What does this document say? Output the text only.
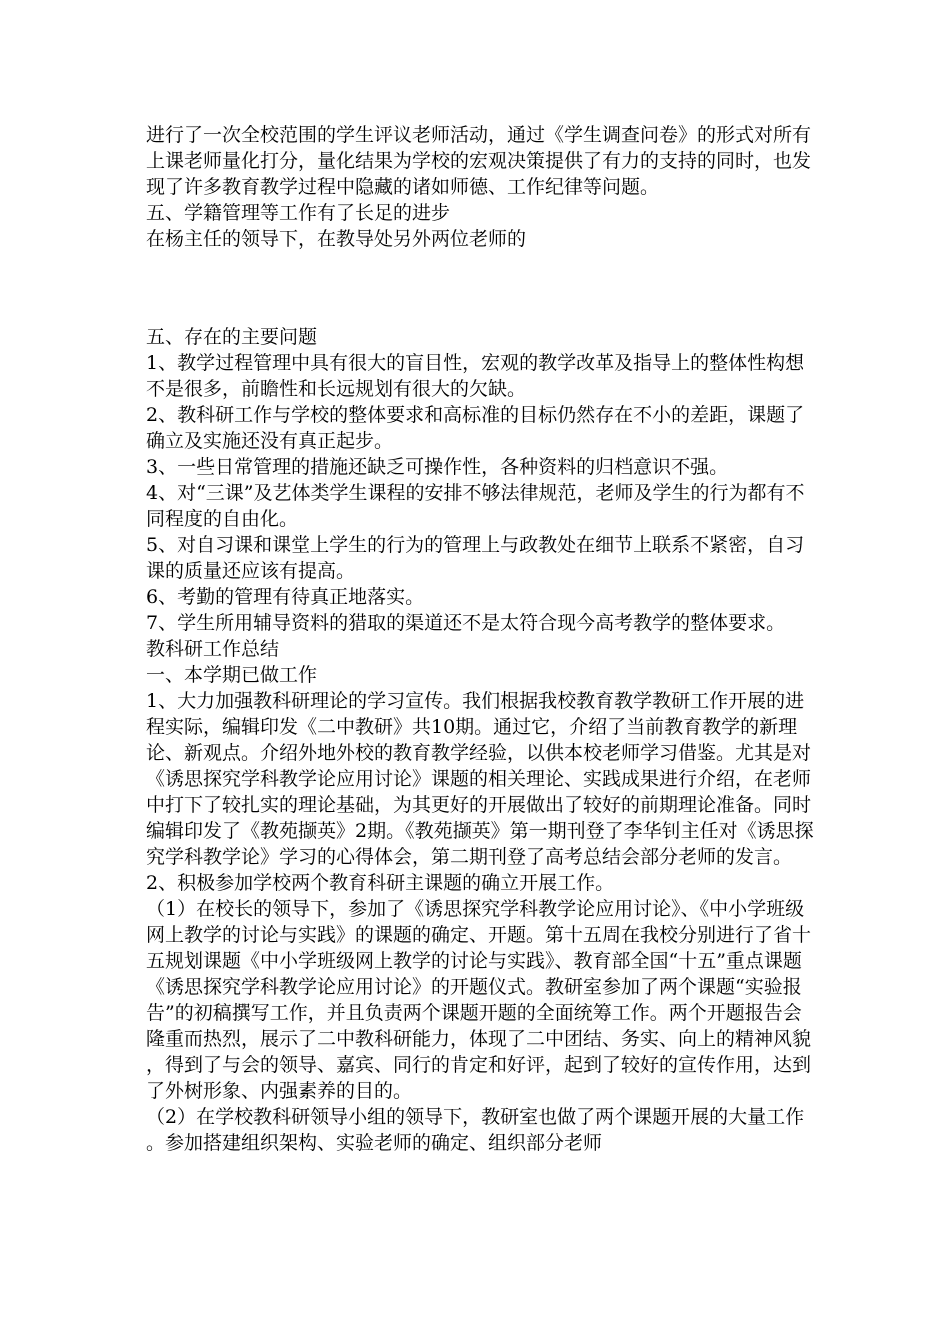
进行了一次全校范围的学生评议老师活动，通过《学生调查问卷》的形式对所有上课老师量化打分，量化结果为学校的宏观决策提供了有力的支持的同时，也发现了许多教育教学过程中隐藏的诸如师德、工作纪律等问题。

五、学籍管理等工作有了长足的进步

在杨主任的领导下，在教导处另外两位老师的

五、存在的主要问题

1、教学过程管理中具有很大的盲目性，宏观的教学改革及指导上的整体性构想不是很多，前瞻性和长远规划有很大的欠缺。

2、教科研工作与学校的整体要求和高标准的目标仍然存在不小的差距，课题了确立及实施还没有真正起步。

3、一些日常管理的措施还缺乏可操作性，各种资料的归档意识不强。

4、对“三课”及艺体类学生课程的安排不够法律规范，老师及学生的行为都有不同程度的自由化。

5、对自习课和课堂上学生的行为的管理上与政教处在细节上联系不紧密，自习课的质量还应该有提高。

6、考勤的管理有待真正地落实。

7、学生所用辅导资料的猎取的渠道还不是太符合现今高考教学的整体要求。

教科研工作总结

一、本学期已做工作

1、大力加强教科研理论的学习宣传。我们根据我校教育教学教研工作开展的进程实际，编辑印发《二中教研》共10期。通过它，介绍了当前教育教学的新理论、新观点。介绍外地外校的教育教学经验，以供本校老师学习借鉴。尤其是对《诱思探究学科教学论应用讨论》课题的相关理论、实践成果进行介绍，在老师中打下了较扎实的理论基础，为其更好的开展做出了较好的前期理论准备。同时编辑印发了《教苑撷英》2期。《教苑撷英》第一期刊登了李华钊主任对《诱思探究学科教学论》学习的心得体会，第二期刊登了高考总结会部分老师的发言。

2、积极参加学校两个教育科研主课题的确立开展工作。

（1）在校长的领导下，参加了《诱思探究学科教学论应用讨论》、《中小学班级网上教学的讨论与实践》的课题的确定、开题。第十五周在我校分别进行了省十五规划课题《中小学班级网上教学的讨论与实践》、教育部全国“十五”重点课题《诱思探究学科教学论应用讨论》的开题仪式。教研室参加了两个课题“实验报告”的初稿撰写工作，并且负责两个课题开题的全面统筹工作。两个开题报告会隆重而热烈，展示了二中教科研能力，体现了二中团结、务实、向上的精神风貌，得到了与会的领导、嘉宾、同行的肯定和好评，起到了较好的宣传作用，达到了外树形象、内强素养的目的。

（2）在学校教科研领导小组的领导下，教研室也做了两个课题开展的大量工作。参加搭建组织架构、实验老师的确定、组织部分老师
